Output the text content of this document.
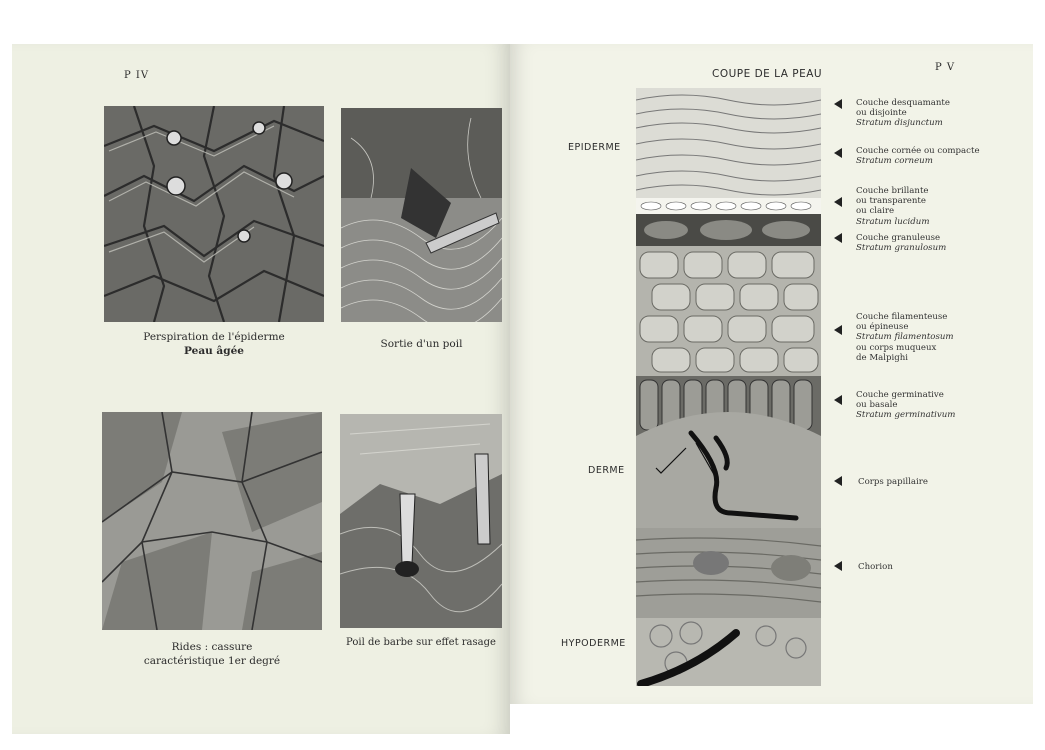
P IV
Perspiration de l'épiderme
Peau âgée
Sortie d'un poil
Rides : cassure
caractéristique 1er degré
Poil de barbe sur effet rasage
COUPE DE LA PEAU
P V
EPIDERME
DERME
HYPODERME
Couche desquamante
ou disjointe
Stratum disjunctum
Couche cornée ou compacte
Stratum corneum
Couche brillante
ou transparente
ou claire
Stratum lucidum
Couche granuleuse
Stratum granulosum
Couche filamenteuse
ou épineuse
Stratum filamentosum
ou corps muqueux
de Malpighi
Couche germinative
ou basale
Stratum germinativum
Corps papillaire
Chorion
